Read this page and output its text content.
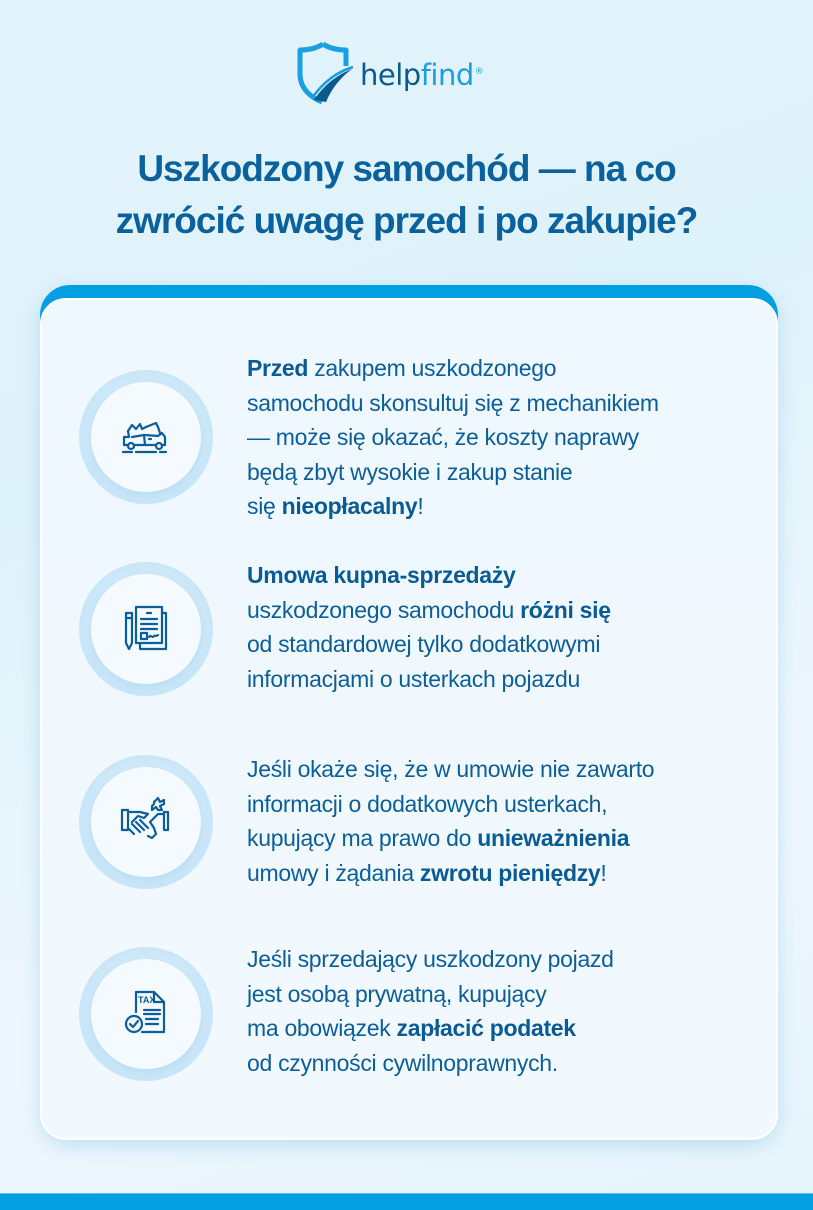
helpfind®
Uszkodzony samochód — na co
zwrócić uwagę przed i po zakupie?
Przed zakupem uszkodzonego
samochodu skonsultuj się z mechanikiem
— może się okazać, że koszty naprawy
będą zbyt wysokie i zakup stanie
się nieopłacalny!
Umowa kupna-sprzedaży
uszkodzonego samochodu różni się
od standardowej tylko dodatkowymi
informacjami o usterkach pojazdu
Jeśli okaże się, że w umowie nie zawarto
informacji o dodatkowych usterkach,
kupujący ma prawo do unieważnienia
umowy i żądania zwrotu pieniędzy!
TAX
Jeśli sprzedający uszkodzony pojazd
jest osobą prywatną, kupujący
ma obowiązek zapłacić podatek
od czynności cywilnoprawnych.
